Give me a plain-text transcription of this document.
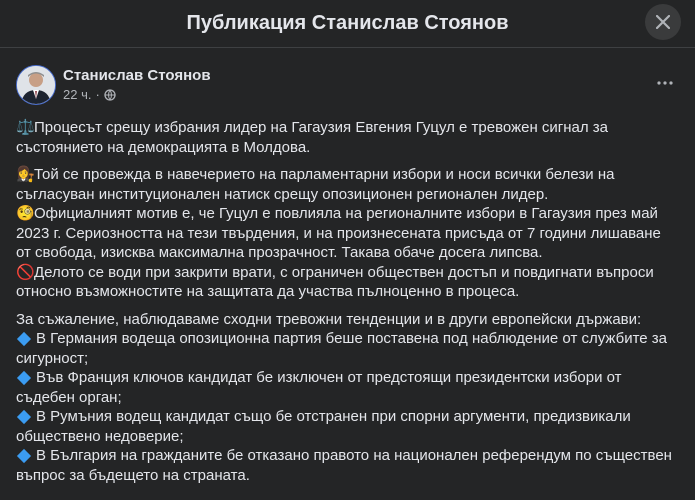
Публикация Станислав Стоянов
Станислав Стоянов
22 ч. ·

⚖️Процесът срещу избрания лидер на Гагаузия Евгения Гуцул е тревожен сигнал за състоянието на демокрацията в Молдова.

👩‍⚖️Той се провежда в навечерието на парламентарни избори и носи всички белези на съгласуван институционален натиск срещу опозиционен регионален лидер.

🧐Официалният мотив е, че Гуцул е повлияла на регионалните избори в Гагаузия през май 2023 г. Сериозността на тези твърдения, и на произнесената присъда от 7 години лишаване от свобода, изисква максимална прозрачност. Такава обаче досега липсва.

🚫Делото се води при закрити врати, с ограничен обществен достъп и повдигнати въпроси относно възможностите на защитата да участва пълноценно в процеса.

За съжаление, наблюдаваме сходни тревожни тенденции и в други европейски държави:

В Германия водеща опозиционна партия беше поставена под наблюдение от службите за сигурност;

Във Франция ключов кандидат бе изключен от предстоящи президентски избори от съдебен орган;

В Румъния водещ кандидат също бе отстранен при спорни аргументи, предизвикали обществено недоверие;

В България на гражданите бе отказано правото на национален референдум по съществен въпрос за бъдещето на страната.
